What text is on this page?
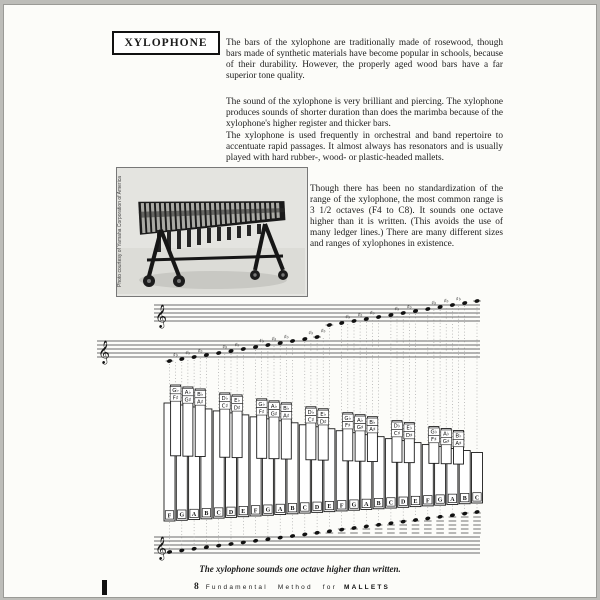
XYLOPHONE	The bars of the xylophone are traditionally made of rosewood, though bars made of synthetic materials have become popular in schools, because of their durability. However, the properly aged wood bars have a far superior tone quality.

The sound of the xylophone is very brilliant and piercing. The xylophone produces sounds of shorter duration than does the marimba because of the xylophone's higher register and thicker bars.

The xylophone is used frequently in orchestral and band repertoire to accentuate rapid passages. It almost always has resonators and is usually played with hard rubber-, wood- or plastic-headed mallets.

Photo courtesy of Yamaha Corporation of America	Though there has been no standardization of the range of the xylophone, the most common range is 3 1/2 octaves (F4 to C8). It sounds one octave higher than it is written. (This avoids the use of many ledger lines.) There are many different sizes and ranges of xylophones in existence.

𝄞
𝄞
𝄞
F G A B C D E F G A B C D E F G A B C D E F G A B C
G♭
F♯
A♭
G♯
B♭
A♯
D♭
C♯
E♭
D♯
G♭
F♯
A♭
G♯
B♭
A♯
D♭
C♯
E♭
D♯
G♭
F♯
A♭
G♯
B♭
A♯
D♭
C♯
E♭
D♯
G♭
F♯
A♭
G♯
B♭
A♯
♯♭ ♯♭ ♯♭
♯♭ ♯♭
♯♭ ♯♭ ♯♭
♯♭ ♯♭
♯♭ ♯♭ ♯♭
♯♭ ♯♭
♯♭ ♯♭ ♯♭
The xylophone sounds one octave higher than written.
8 Fundamental Method for MALLETS
